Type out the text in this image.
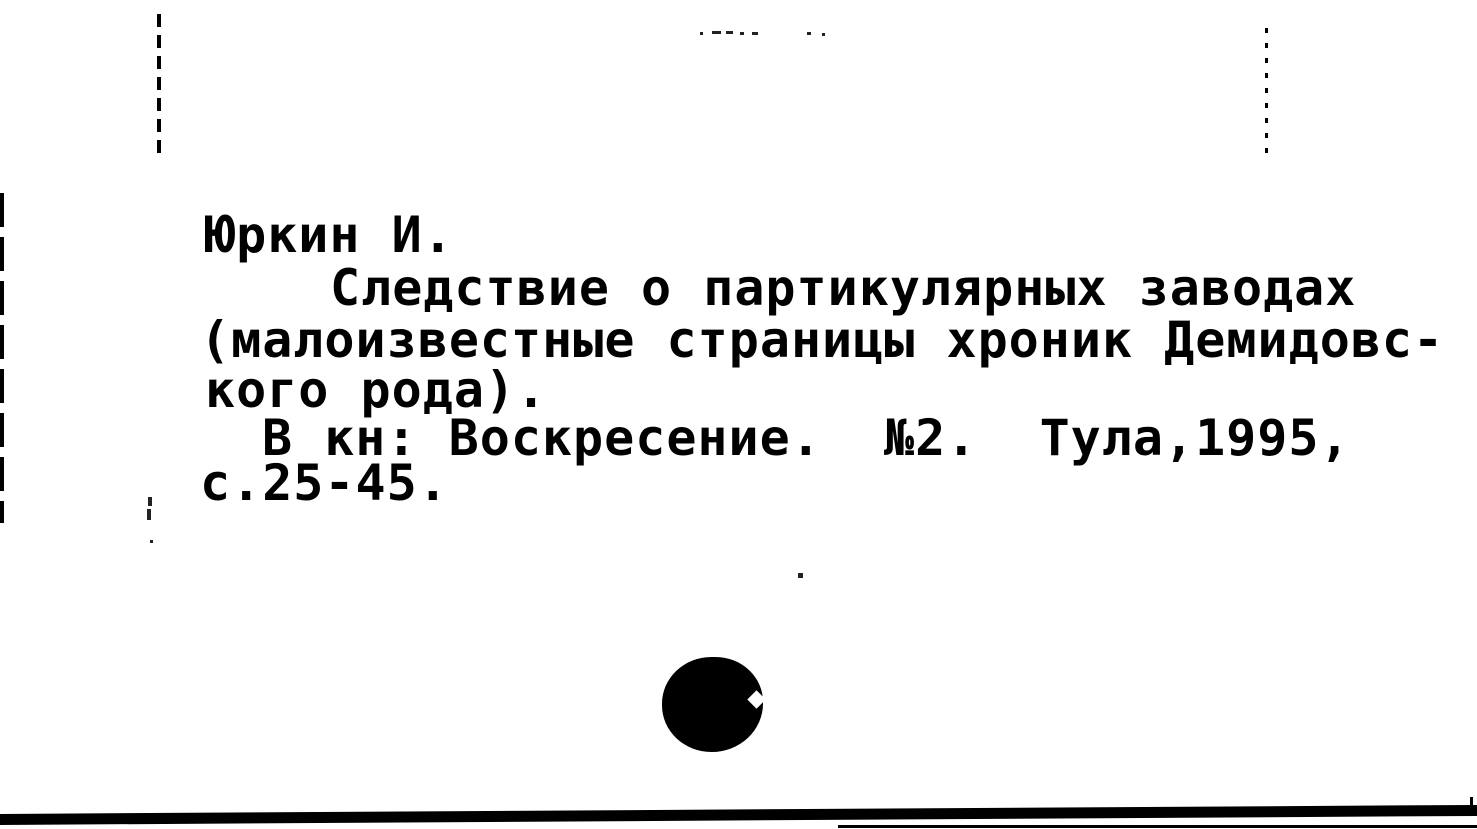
Юркин И.
Следствие о партикулярных заводах
(малоизвестные страницы хроник Демидовс-
кого рода).
В кн: Воскресение.  №2.  Тула,1995,
с.25-45.
